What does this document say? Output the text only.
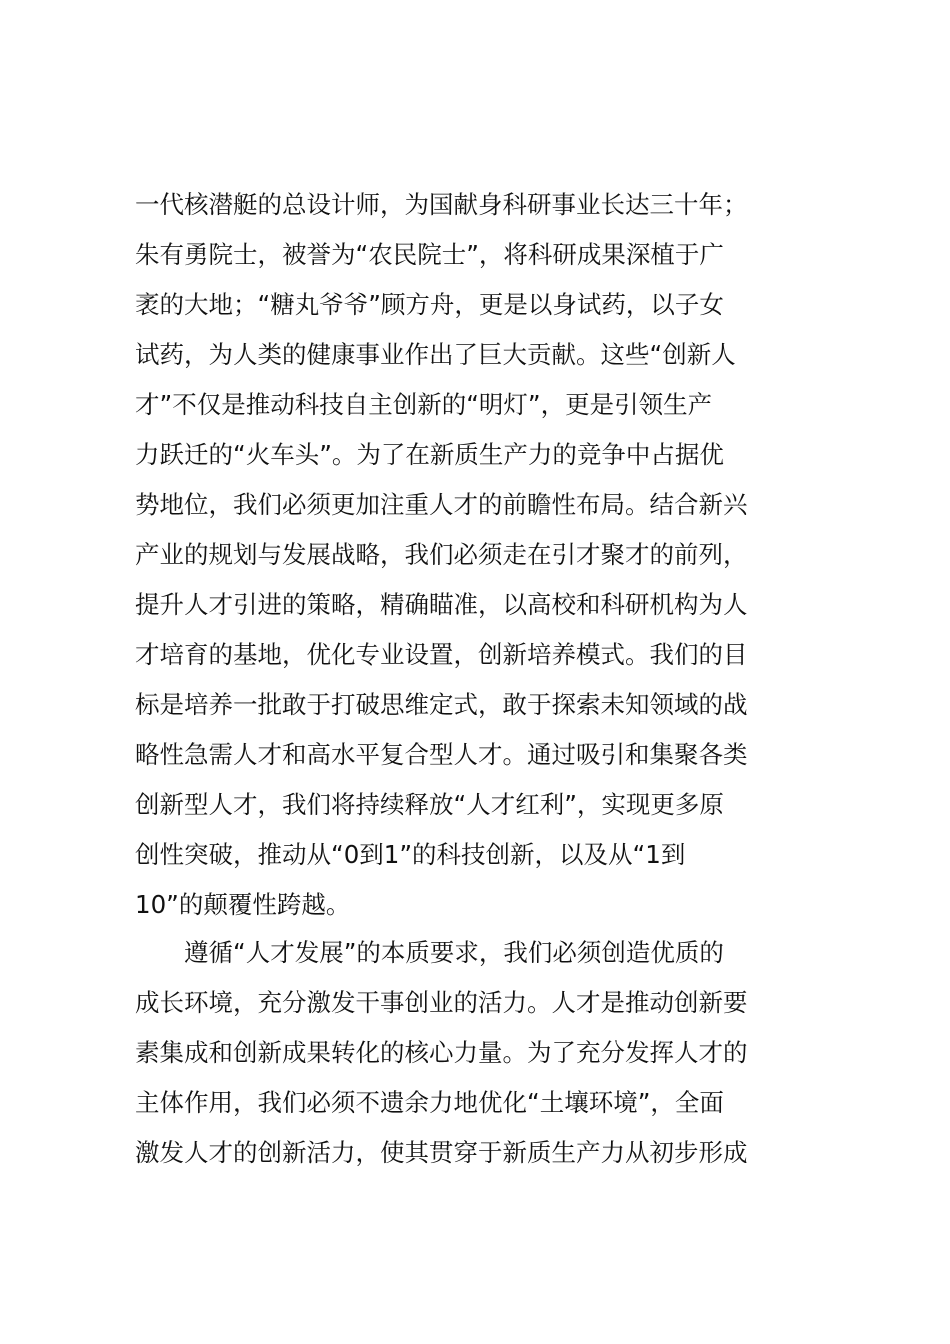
一代核潜艇的总设计师，为国献身科研事业长达三十年；
朱有勇院士，被誉为“农民院士”，将科研成果深植于广
袤的大地；“糖丸爷爷”顾方舟，更是以身试药，以子女
试药，为人类的健康事业作出了巨大贡献。这些“创新人
才”不仅是推动科技自主创新的“明灯”，更是引领生产
力跃迁的“火车头”。为了在新质生产力的竞争中占据优
势地位，我们必须更加注重人才的前瞻性布局。结合新兴
产业的规划与发展战略，我们必须走在引才聚才的前列，
提升人才引进的策略，精确瞄准，以高校和科研机构为人
才培育的基地，优化专业设置，创新培养模式。我们的目
标是培养一批敢于打破思维定式，敢于探索未知领域的战
略性急需人才和高水平复合型人才。通过吸引和集聚各类
创新型人才，我们将持续释放“人才红利”，实现更多原
创性突破，推动从“0到1”的科技创新，以及从“1到
10”的颠覆性跨越。
遵循“人才发展”的本质要求，我们必须创造优质的
成长环境，充分激发干事创业的活力。人才是推动创新要
素集成和创新成果转化的核心力量。为了充分发挥人才的
主体作用，我们必须不遗余力地优化“土壤环境”，全面
激发人才的创新活力，使其贯穿于新质生产力从初步形成
